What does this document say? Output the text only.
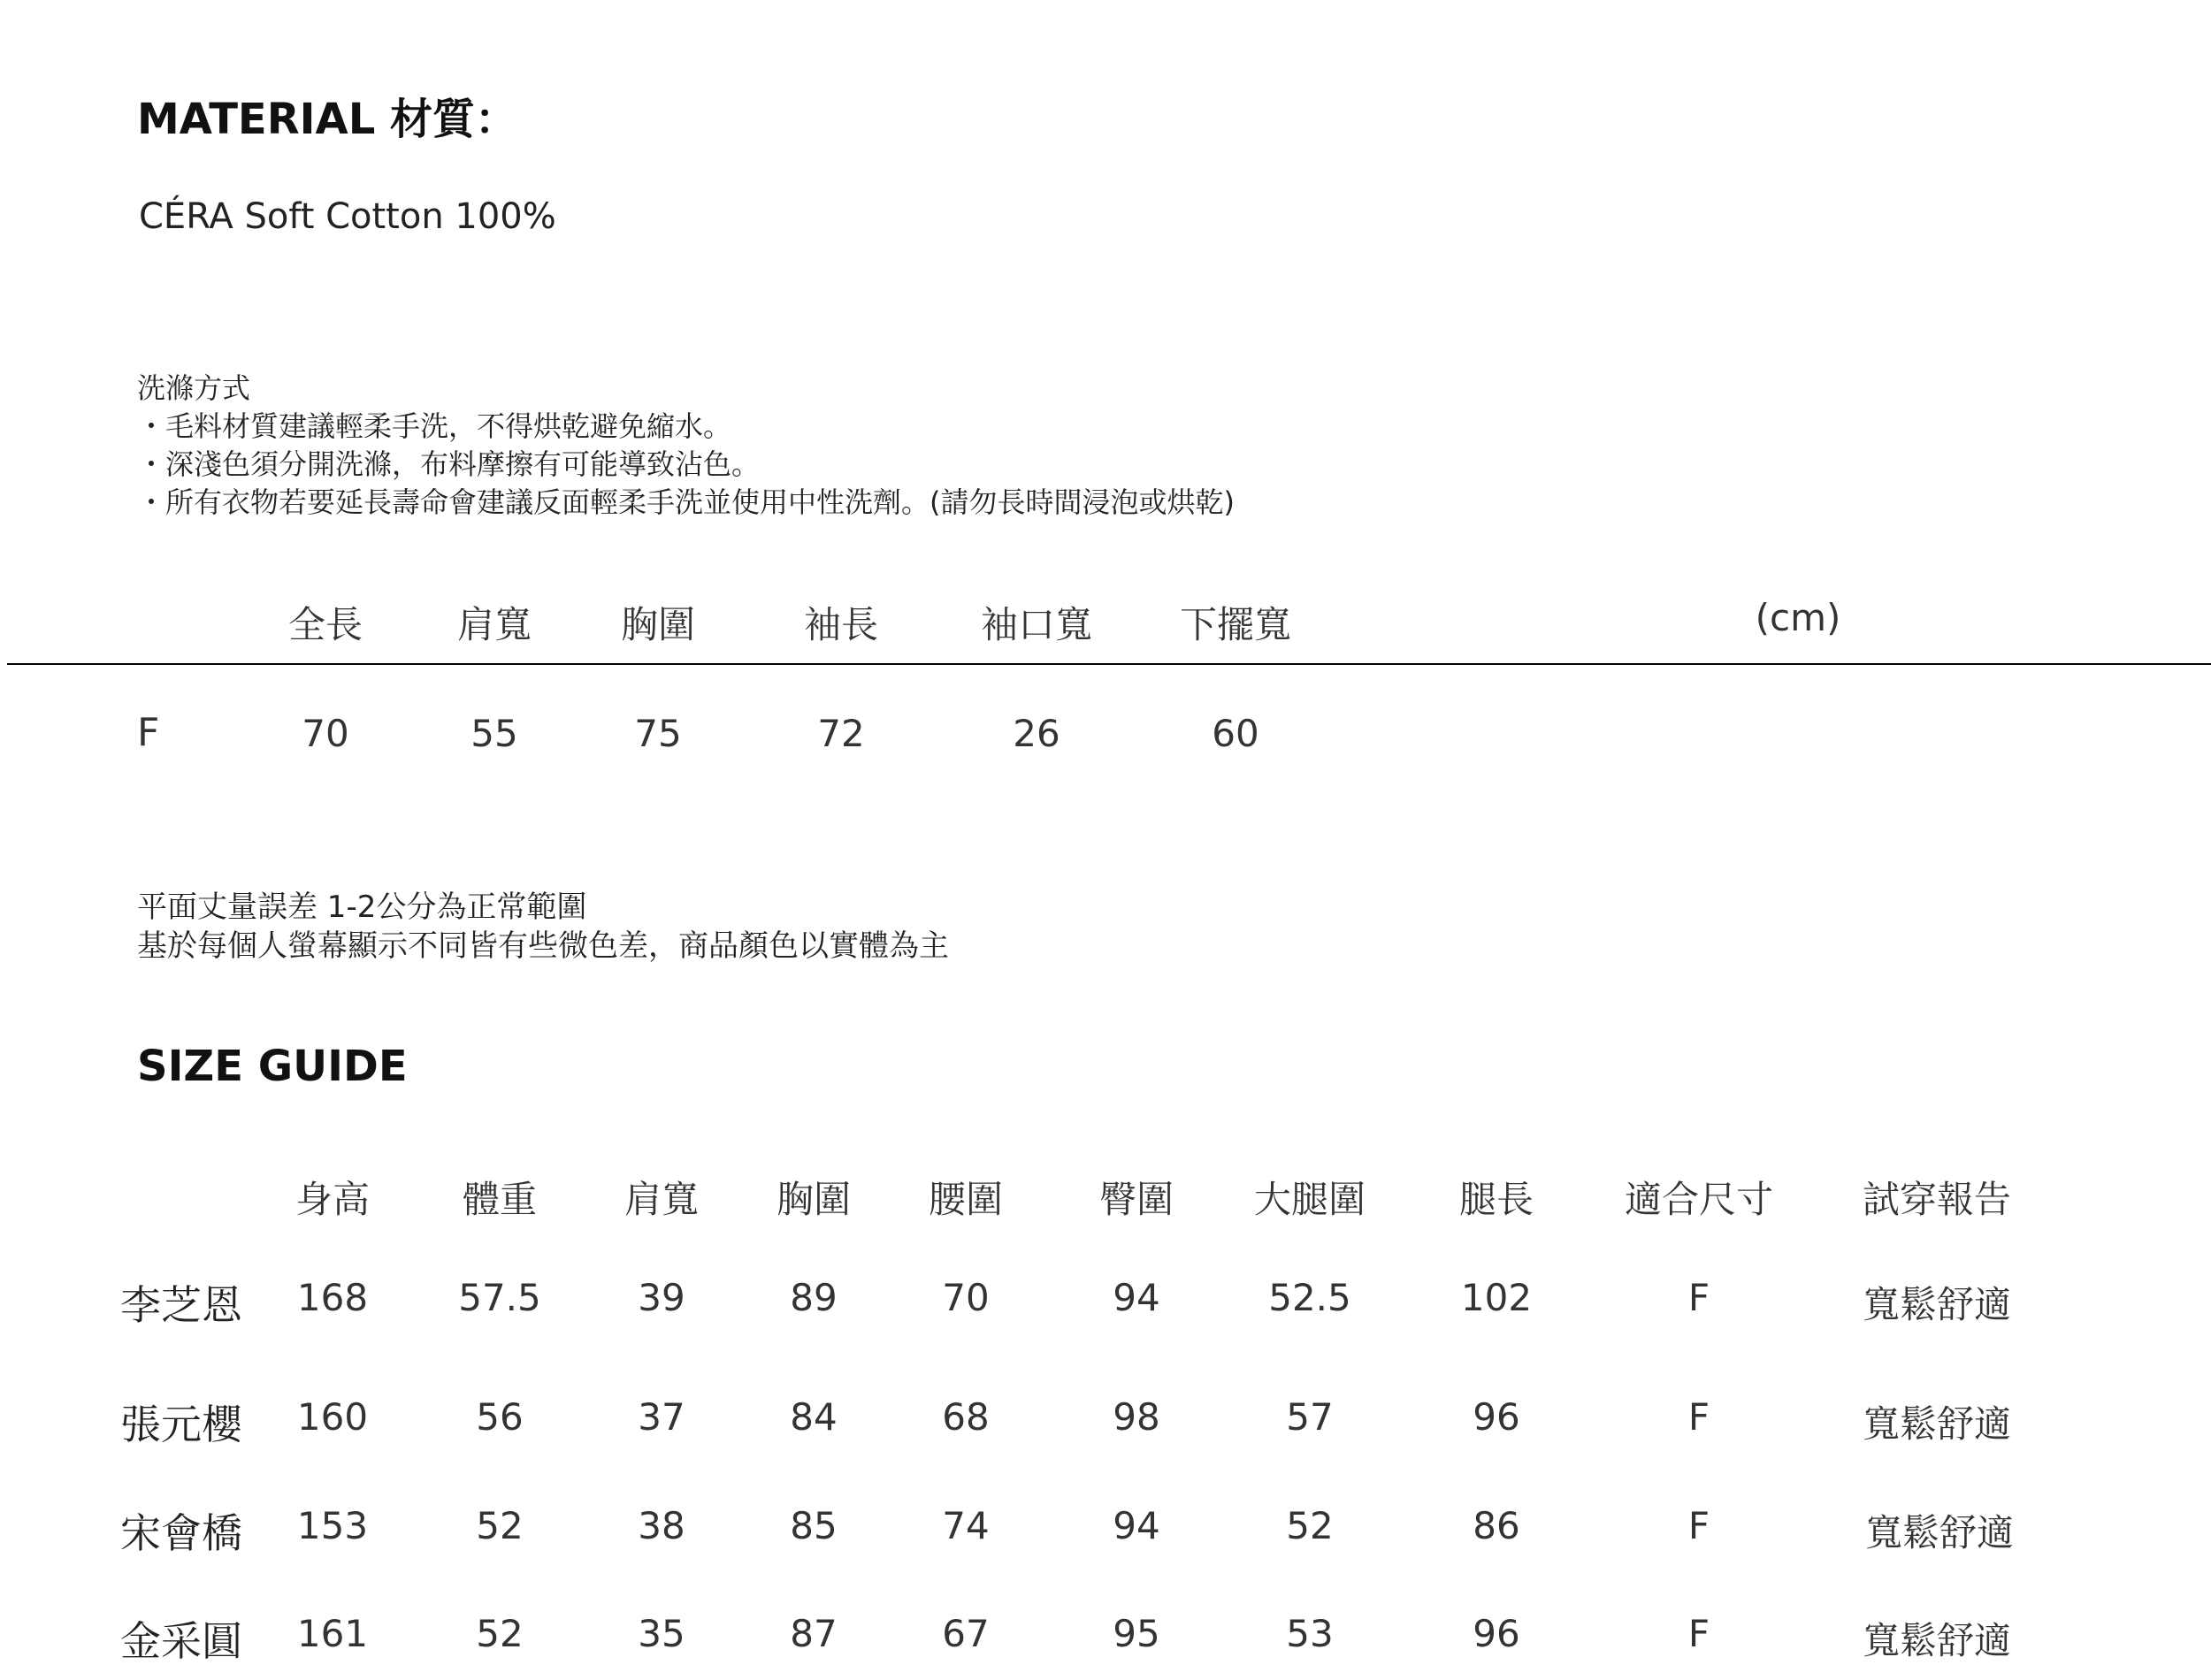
MATERIAL 材質：
CÉRA Soft Cotton 100%
洗滌方式
・毛料材質建議輕柔手洗，不得烘乾避免縮水。
・深淺色須分開洗滌，布料摩擦有可能導致沾色。
・所有衣物若要延長壽命會建議反面輕柔手洗並使用中性洗劑。(請勿長時間浸泡或烘乾)
全長	肩寬 胸圍	袖長	袖口寬 下擺寬	(cm)
F	70	55	75	72	26	60
平面丈量誤差 1-2公分為正常範圍
基於每個人螢幕顯示不同皆有些微色差，商品顏色以實體為主
SIZE GUIDE
身高 體重 肩寬 胸圍 腰圍	臀圍 大腿圍	腿長 適合尺寸 試穿報告
李芝恩 168 57.5	39	89	70	94	52.5	102	F	寬鬆舒適
張元櫻 160	56	37	84	68	98	57	96	F	寬鬆舒適
宋會橋 153	52	38	85	74	94	52	86	F	寬鬆舒適
金采圓 161	52	35	87	67	95	53	96	F	寬鬆舒適
